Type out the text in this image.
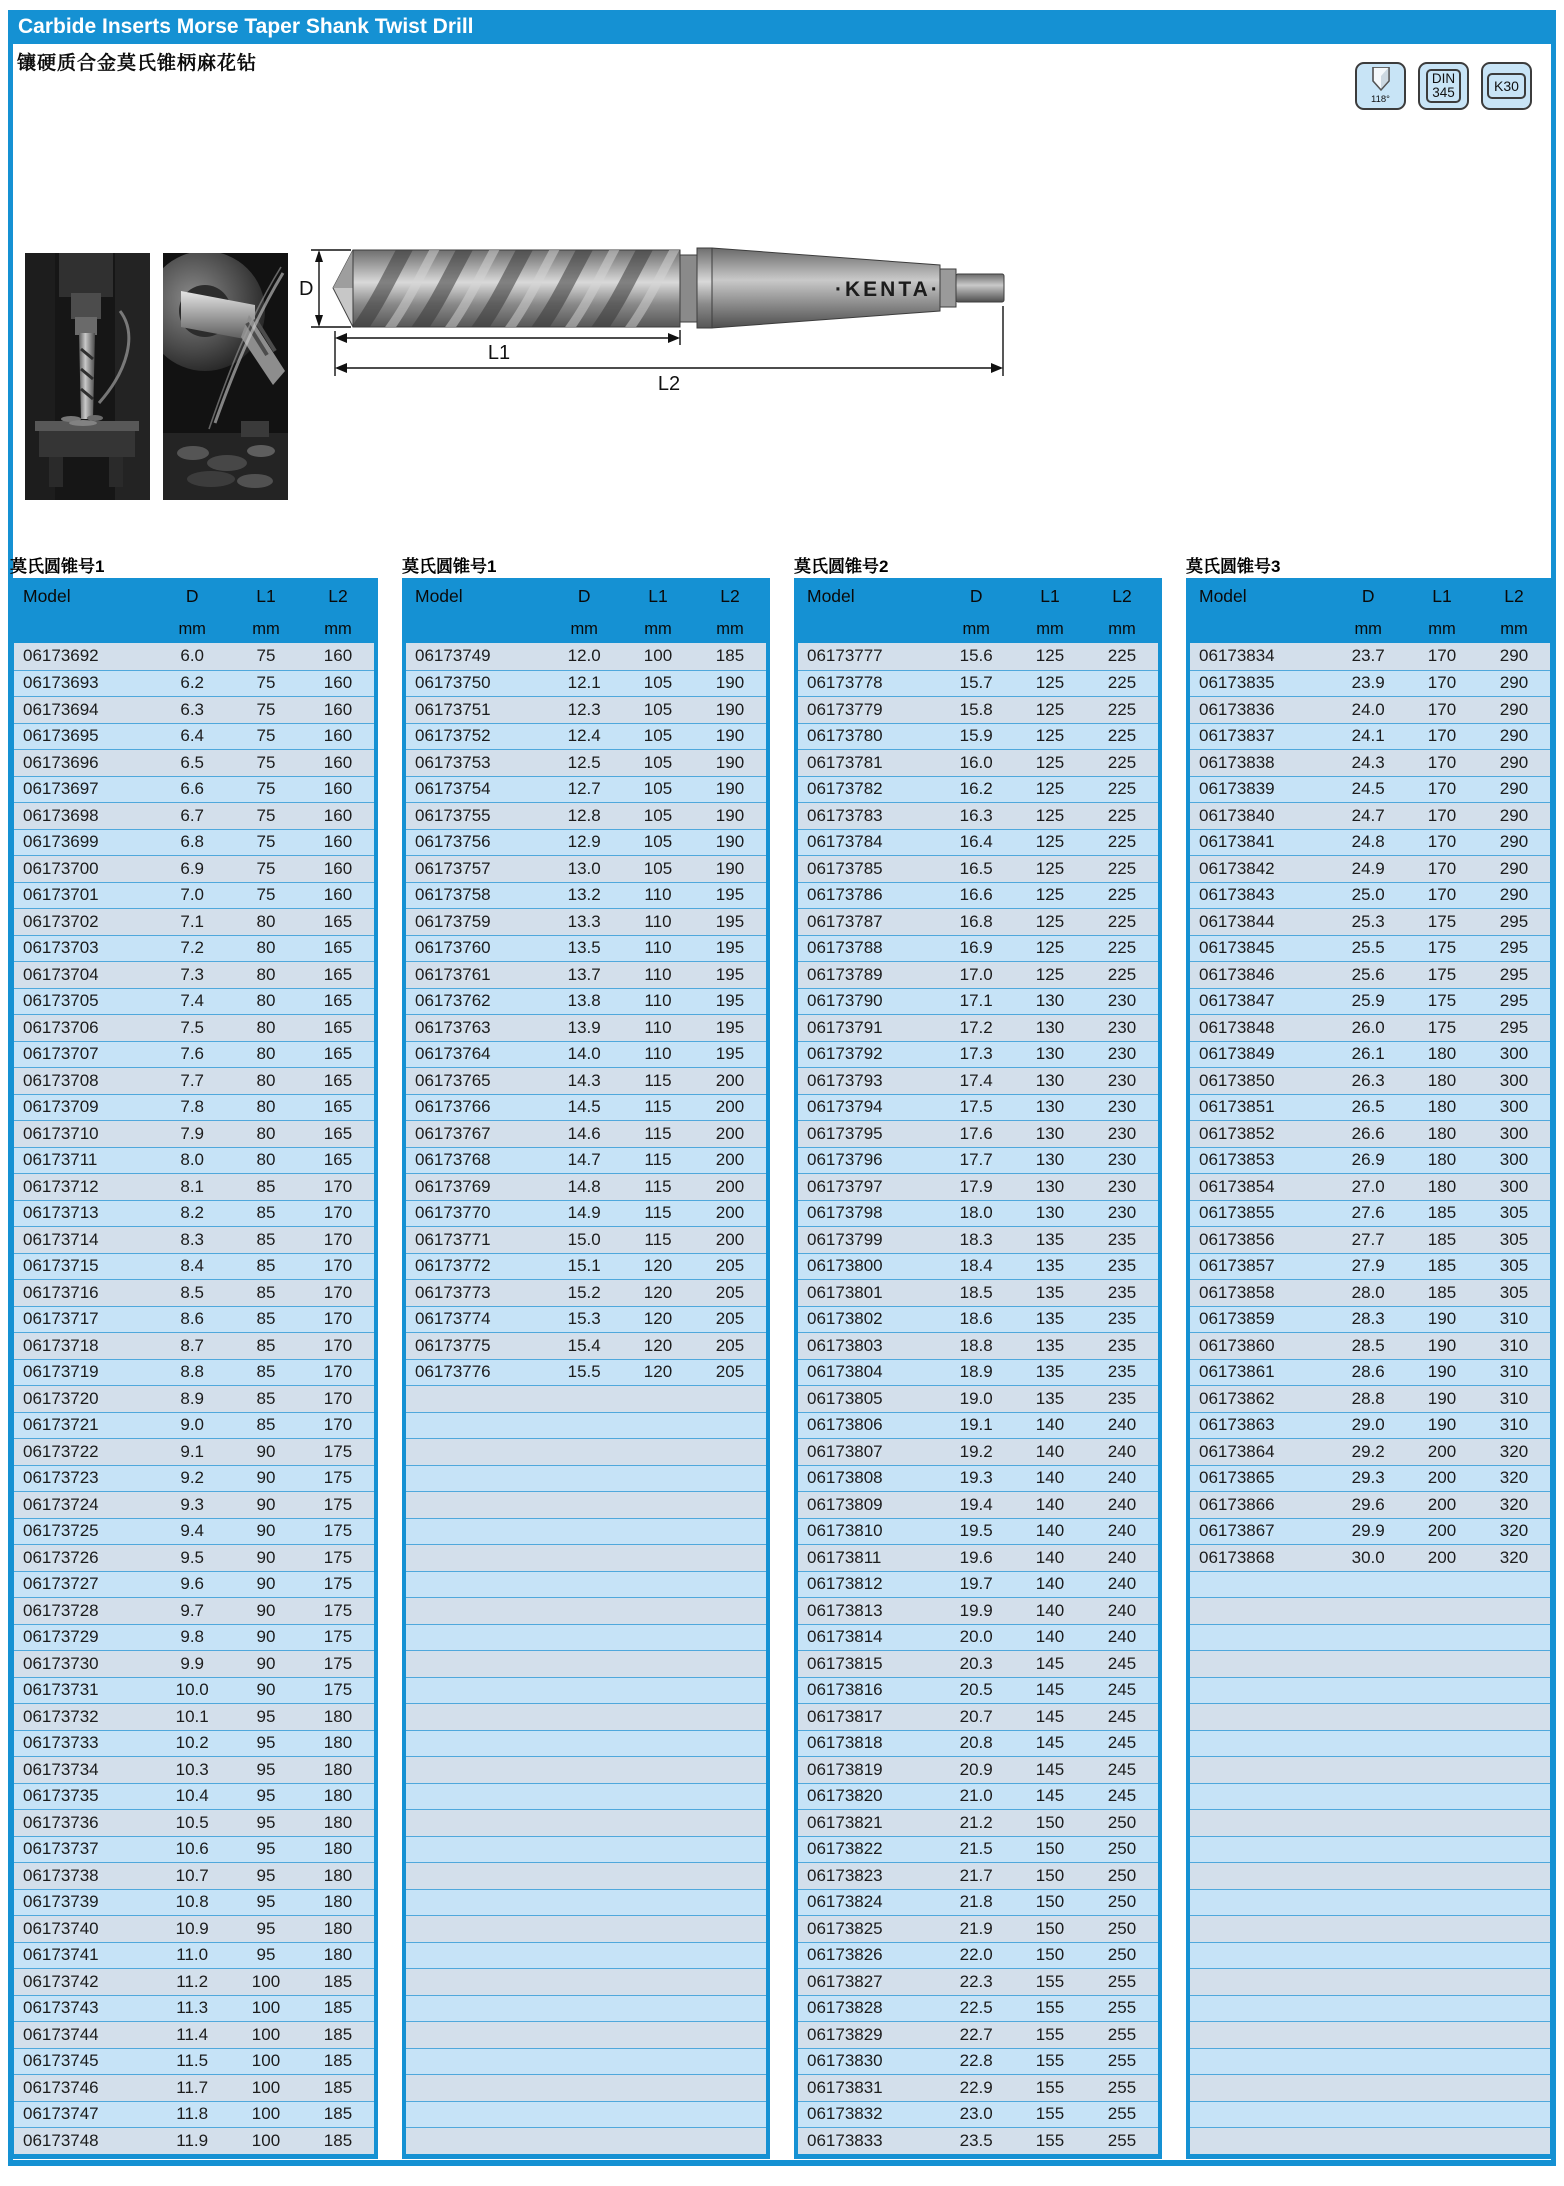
Carbide Inserts Morse Taper Shank Twist Drill
镶硬质合金莫氏锥柄麻花钻
118°
DIN
345	K30
·KENTA·
D
L1
L2
莫氏圆锥号1
Model	D	L1	L2
mm	mm	mm
06173692	6.0	75	160
06173693	6.2	75	160
06173694	6.3	75	160
06173695	6.4	75	160
06173696	6.5	75	160
06173697	6.6	75	160
06173698	6.7	75	160
06173699	6.8	75	160
06173700	6.9	75	160
06173701	7.0	75	160
06173702	7.1	80	165
06173703	7.2	80	165
06173704	7.3	80	165
06173705	7.4	80	165
06173706	7.5	80	165
06173707	7.6	80	165
06173708	7.7	80	165
06173709	7.8	80	165
06173710	7.9	80	165
06173711	8.0	80	165
06173712	8.1	85	170
06173713	8.2	85	170
06173714	8.3	85	170
06173715	8.4	85	170
06173716	8.5	85	170
06173717	8.6	85	170
06173718	8.7	85	170
06173719	8.8	85	170
06173720	8.9	85	170
06173721	9.0	85	170
06173722	9.1	90	175
06173723	9.2	90	175
06173724	9.3	90	175
06173725	9.4	90	175
06173726	9.5	90	175
06173727	9.6	90	175
06173728	9.7	90	175
06173729	9.8	90	175
06173730	9.9	90	175
06173731	10.0	90	175
06173732	10.1	95	180
06173733	10.2	95	180
06173734	10.3	95	180
06173735	10.4	95	180
06173736	10.5	95	180
06173737	10.6	95	180
06173738	10.7	95	180
06173739	10.8	95	180
06173740	10.9	95	180
06173741	11.0	95	180
06173742	11.2	100	185
06173743	11.3	100	185
06173744	11.4	100	185
06173745	11.5	100	185
06173746	11.7	100	185
06173747	11.8	100	185
06173748	11.9	100	185
莫氏圆锥号1
Model	D	L1	L2
mm	mm	mm
06173749	12.0	100	185
06173750	12.1	105	190
06173751	12.3	105	190
06173752	12.4	105	190
06173753	12.5	105	190
06173754	12.7	105	190
06173755	12.8	105	190
06173756	12.9	105	190
06173757	13.0	105	190
06173758	13.2	110	195
06173759	13.3	110	195
06173760	13.5	110	195
06173761	13.7	110	195
06173762	13.8	110	195
06173763	13.9	110	195
06173764	14.0	110	195
06173765	14.3	115	200
06173766	14.5	115	200
06173767	14.6	115	200
06173768	14.7	115	200
06173769	14.8	115	200
06173770	14.9	115	200
06173771	15.0	115	200
06173772	15.1	120	205
06173773	15.2	120	205
06173774	15.3	120	205
06173775	15.4	120	205
06173776	15.5	120	205
莫氏圆锥号2
Model	D	L1	L2
mm	mm	mm
06173777	15.6	125	225
06173778	15.7	125	225
06173779	15.8	125	225
06173780	15.9	125	225
06173781	16.0	125	225
06173782	16.2	125	225
06173783	16.3	125	225
06173784	16.4	125	225
06173785	16.5	125	225
06173786	16.6	125	225
06173787	16.8	125	225
06173788	16.9	125	225
06173789	17.0	125	225
06173790	17.1	130	230
06173791	17.2	130	230
06173792	17.3	130	230
06173793	17.4	130	230
06173794	17.5	130	230
06173795	17.6	130	230
06173796	17.7	130	230
06173797	17.9	130	230
06173798	18.0	130	230
06173799	18.3	135	235
06173800	18.4	135	235
06173801	18.5	135	235
06173802	18.6	135	235
06173803	18.8	135	235
06173804	18.9	135	235
06173805	19.0	135	235
06173806	19.1	140	240
06173807	19.2	140	240
06173808	19.3	140	240
06173809	19.4	140	240
06173810	19.5	140	240
06173811	19.6	140	240
06173812	19.7	140	240
06173813	19.9	140	240
06173814	20.0	140	240
06173815	20.3	145	245
06173816	20.5	145	245
06173817	20.7	145	245
06173818	20.8	145	245
06173819	20.9	145	245
06173820	21.0	145	245
06173821	21.2	150	250
06173822	21.5	150	250
06173823	21.7	150	250
06173824	21.8	150	250
06173825	21.9	150	250
06173826	22.0	150	250
06173827	22.3	155	255
06173828	22.5	155	255
06173829	22.7	155	255
06173830	22.8	155	255
06173831	22.9	155	255
06173832	23.0	155	255
06173833	23.5	155	255
莫氏圆锥号3
Model	D	L1	L2
mm	mm	mm
06173834	23.7	170	290
06173835	23.9	170	290
06173836	24.0	170	290
06173837	24.1	170	290
06173838	24.3	170	290
06173839	24.5	170	290
06173840	24.7	170	290
06173841	24.8	170	290
06173842	24.9	170	290
06173843	25.0	170	290
06173844	25.3	175	295
06173845	25.5	175	295
06173846	25.6	175	295
06173847	25.9	175	295
06173848	26.0	175	295
06173849	26.1	180	300
06173850	26.3	180	300
06173851	26.5	180	300
06173852	26.6	180	300
06173853	26.9	180	300
06173854	27.0	180	300
06173855	27.6	185	305
06173856	27.7	185	305
06173857	27.9	185	305
06173858	28.0	185	305
06173859	28.3	190	310
06173860	28.5	190	310
06173861	28.6	190	310
06173862	28.8	190	310
06173863	29.0	190	310
06173864	29.2	200	320
06173865	29.3	200	320
06173866	29.6	200	320
06173867	29.9	200	320
06173868	30.0	200	320
